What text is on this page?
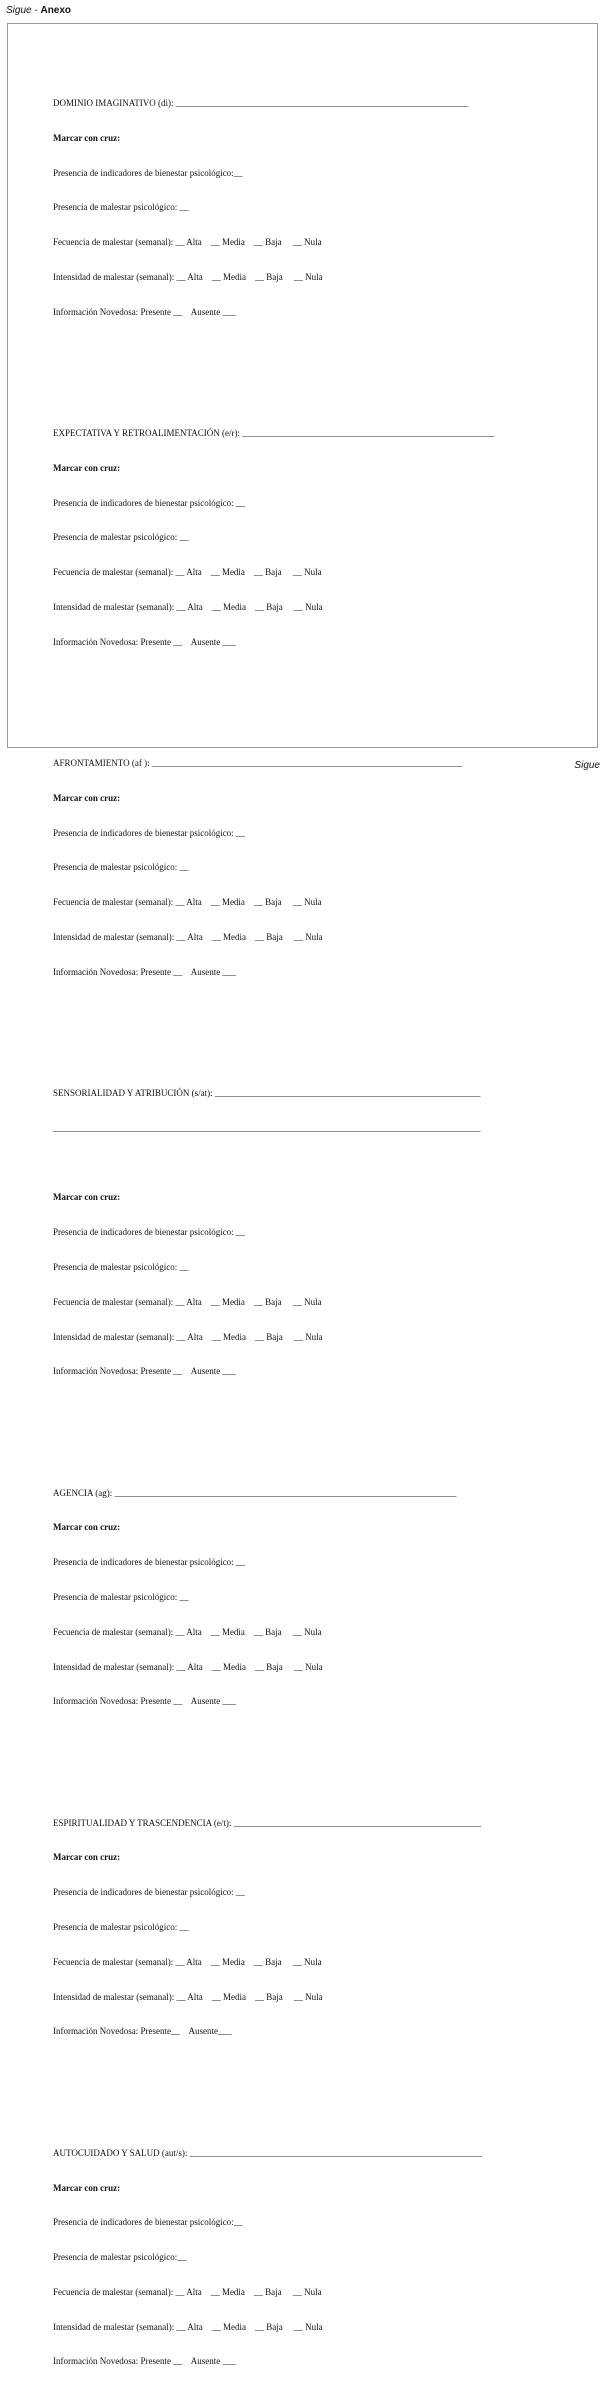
Sigue - Anexo

DOMINIO IMAGINATIVO (di): _________________________________________________________________

Marcar con cruz:

Presencia de indicadores de bienestar psicológico:__

Presencia de malestar psicológico: __

Fecuencia de malestar (semanal): __ Alta    __ Media    __ Baja     __ Nula

Intensidad de malestar (semanal): __ Alta    __ Media    __ Baja     __ Nula

Información Novedosa: Presente __    Ausente ___

EXPECTATIVA Y RETROALIMENTACIÓN (e/r): ________________________________________________________

Marcar con cruz:

Presencia de indicadores de bienestar psicológico: __

Presencia de malestar psicológico: __

Fecuencia de malestar (semanal): __ Alta    __ Media    __ Baja     __ Nula

Intensidad de malestar (semanal): __ Alta    __ Media    __ Baja     __ Nula

Información Novedosa: Presente __    Ausente ___

AFRONTAMIENTO (af ): _____________________________________________________________________

Marcar con cruz:

Presencia de indicadores de bienestar psicológico: __

Presencia de malestar psicológico: __

Fecuencia de malestar (semanal): __ Alta    __ Media    __ Baja     __ Nula

Intensidad de malestar (semanal): __ Alta    __ Media    __ Baja     __ Nula

Información Novedosa: Presente __    Ausente ___

SENSORIALIDAD Y ATRIBUCIÓN (s/at): ___________________________________________________________

_______________________________________________________________________________________________

Marcar con cruz:

Presencia de indicadores de bienestar psicológico: __

Presencia de malestar psicológico: __

Fecuencia de malestar (semanal): __ Alta    __ Media    __ Baja     __ Nula

Intensidad de malestar (semanal): __ Alta    __ Media    __ Baja     __ Nula

Información Novedosa: Presente __    Ausente ___

AGENCIA (ag): ____________________________________________________________________________

Marcar con cruz:

Presencia de indicadores de bienestar psicológico: __

Presencia de malestar psicológico: __

Fecuencia de malestar (semanal): __ Alta    __ Media    __ Baja     __ Nula

Intensidad de malestar (semanal): __ Alta    __ Media    __ Baja     __ Nula

Información Novedosa: Presente __    Ausente ___

ESPIRITUALIDAD Y TRASCENDENCIA (e/t): _______________________________________________________

Marcar con cruz:

Presencia de indicadores de bienestar psicológico: __

Presencia de malestar psicológico: __

Fecuencia de malestar (semanal): __ Alta    __ Media    __ Baja     __ Nula

Intensidad de malestar (semanal): __ Alta    __ Media    __ Baja     __ Nula

Información Novedosa: Presente__    Ausente___

AUTOCUIDADO Y SALUD (aut/s): _________________________________________________________________

Marcar con cruz:

Presencia de indicadores de bienestar psicológico:__

Presencia de malestar psicológico:__

Fecuencia de malestar (semanal): __ Alta    __ Media    __ Baja     __ Nula

Intensidad de malestar (semanal): __ Alta    __ Media    __ Baja     __ Nula

Información Novedosa: Presente __    Ausente ___

Sigue
